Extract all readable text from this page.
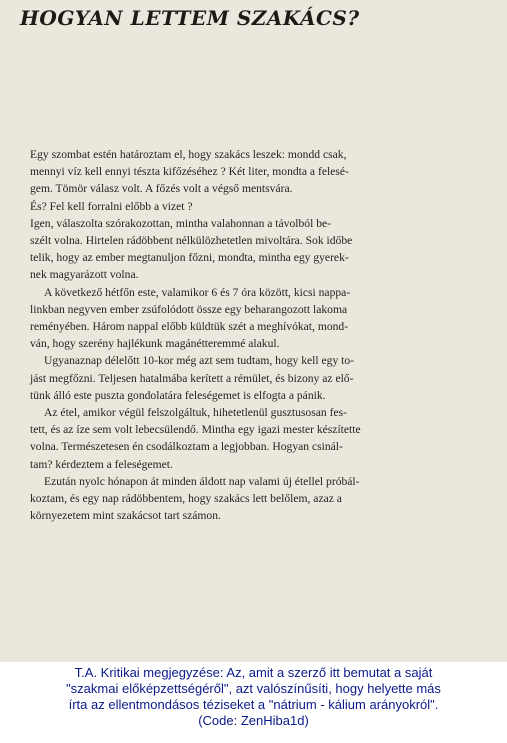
HOGYAN LETTEM SZAKÁCS?

Egy szombat estén határoztam el, hogy szakács leszek: mondd csak,
mennyi víz kell ennyi tészta kifőzéséhez ? Két liter, mondta a felesé-
gem. Tömör válasz volt. A főzés volt a végső mentsvára.
És? Fel kell forralni előbb a vizet ?
Igen, válaszolta szórakozottan, mintha valahonnan a távolból be-
szélt volna. Hirtelen rádöbbent nélkülözhetetlen mivoltára. Sok időbe
telik, hogy az ember megtanuljon főzni, mondta, mintha egy gyerek-
nek magyarázott volna.

A következő hétfőn este, valamikor 6 és 7 óra között, kicsi nappa-
linkban negyven ember zsúfolódott össze egy beharangozott lakoma
reményében. Három nappal előbb küldtük szét a meghívókat, mond-
ván, hogy szerény hajlékunk magánétteremmé alakul.

Ugyanaznap délelőtt 10-kor még azt sem tudtam, hogy kell egy to-
jást megfőzni. Teljesen hatalmába kerített a rémület, és bizony az elő-
tünk álló este puszta gondolatára feleségemet is elfogta a pánik.

Az étel, amikor végül felszolgáltuk, hihetetlenül gusztusosan fes-
tett, és az íze sem volt lebecsülendő. Mintha egy igazi mester készítette
volna. Természetesen én csodálkoztam a legjobban. Hogyan csinál-
tam? kérdeztem a feleségemet.

Ezután nyolc hónapon át minden áldott nap valami új étellel próbál-
koztam, és egy nap rádöbbentem, hogy szakács lett belőlem, azaz a
környezetem mint szakácsot tart számon.

T.A. Kritikai megjegyzése: Az, amit a szerző itt bemutat a saját
"szakmai előképzettségéről", azt valószínűsíti, hogy helyette más
írta az ellentmondásos téziseket a "nátrium - kálium arányokról".
(Code: ZenHiba1d)
